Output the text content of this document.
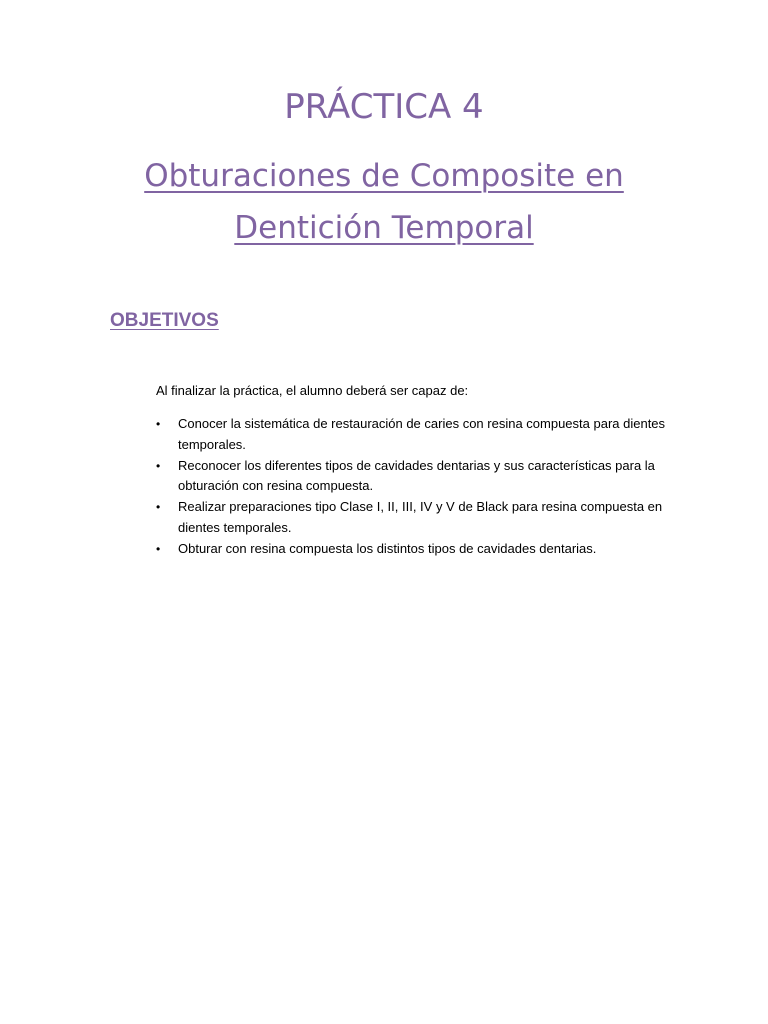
PRÁCTICA 4
Obturaciones de Composite en
Dentición Temporal
OBJETIVOS
Al finalizar la práctica, el alumno deberá ser capaz de:
•	Conocer la sistemática de restauración de caries con resina compuesta para dientes temporales.
•	Reconocer los diferentes tipos de cavidades dentarias y sus características para la obturación con resina compuesta.
•	Realizar preparaciones tipo Clase I, II, III, IV y V de Black para resina compuesta en dientes temporales.
•	Obturar con resina compuesta los distintos tipos de cavidades dentarias.
